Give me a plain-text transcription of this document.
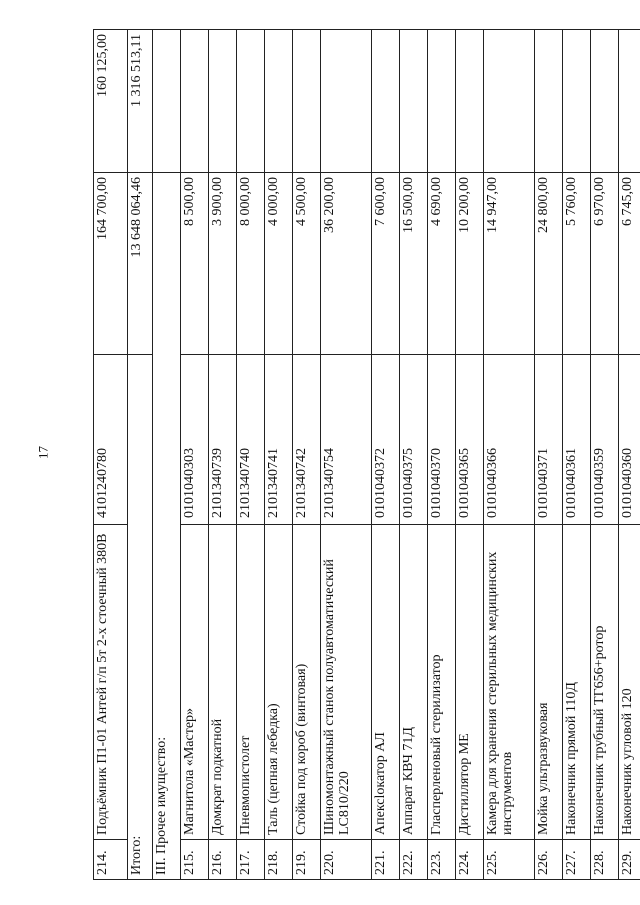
17
214.	Подъёмник П1-01 Антей г/п 5т 2-х стоечный 380В	4101240780	164 700,00	160 125,00
Итого:			13 648 064,46	1 316 513,11
III. Прочее имущество:				
215.	Магнитола «Мастер»	0101040303	8 500,00	
216.	Домкрат подкатной	2101340739	3 900,00	
217.	Пневмопистолет	2101340740	8 000,00	
218.	Таль (цепная лебедка)	2101340741	4 000,00	
219.	Стойка под короб (винтовая)	2101340742	4 500,00	
220.	Шиномонтажный станок полуавтоматический LC810/220	2101340754	36 200,00	
221.	Апексlокатор АЛ	0101040372	7 600,00	
222.	Аппарат КВЧ 71Д	0101040375	16 500,00	
223.	Гласперленовый стерилизатор	0101040370	4 690,00	
224.	Дистиллятор МЕ	0101040365	10 200,00	
225.	Камера для хранения стерильных медицинских инструментов	0101040366	14 947,00	
226.	Мойка ультразвуковая	0101040371	24 800,00	
227.	Наконечник прямой 110Д	0101040361	5 760,00	
228.	Наконечник трубный ТГ656+ротор	0101040359	6 970,00	
229.	Наконечник угловой 120	0101040360	6 745,00	
